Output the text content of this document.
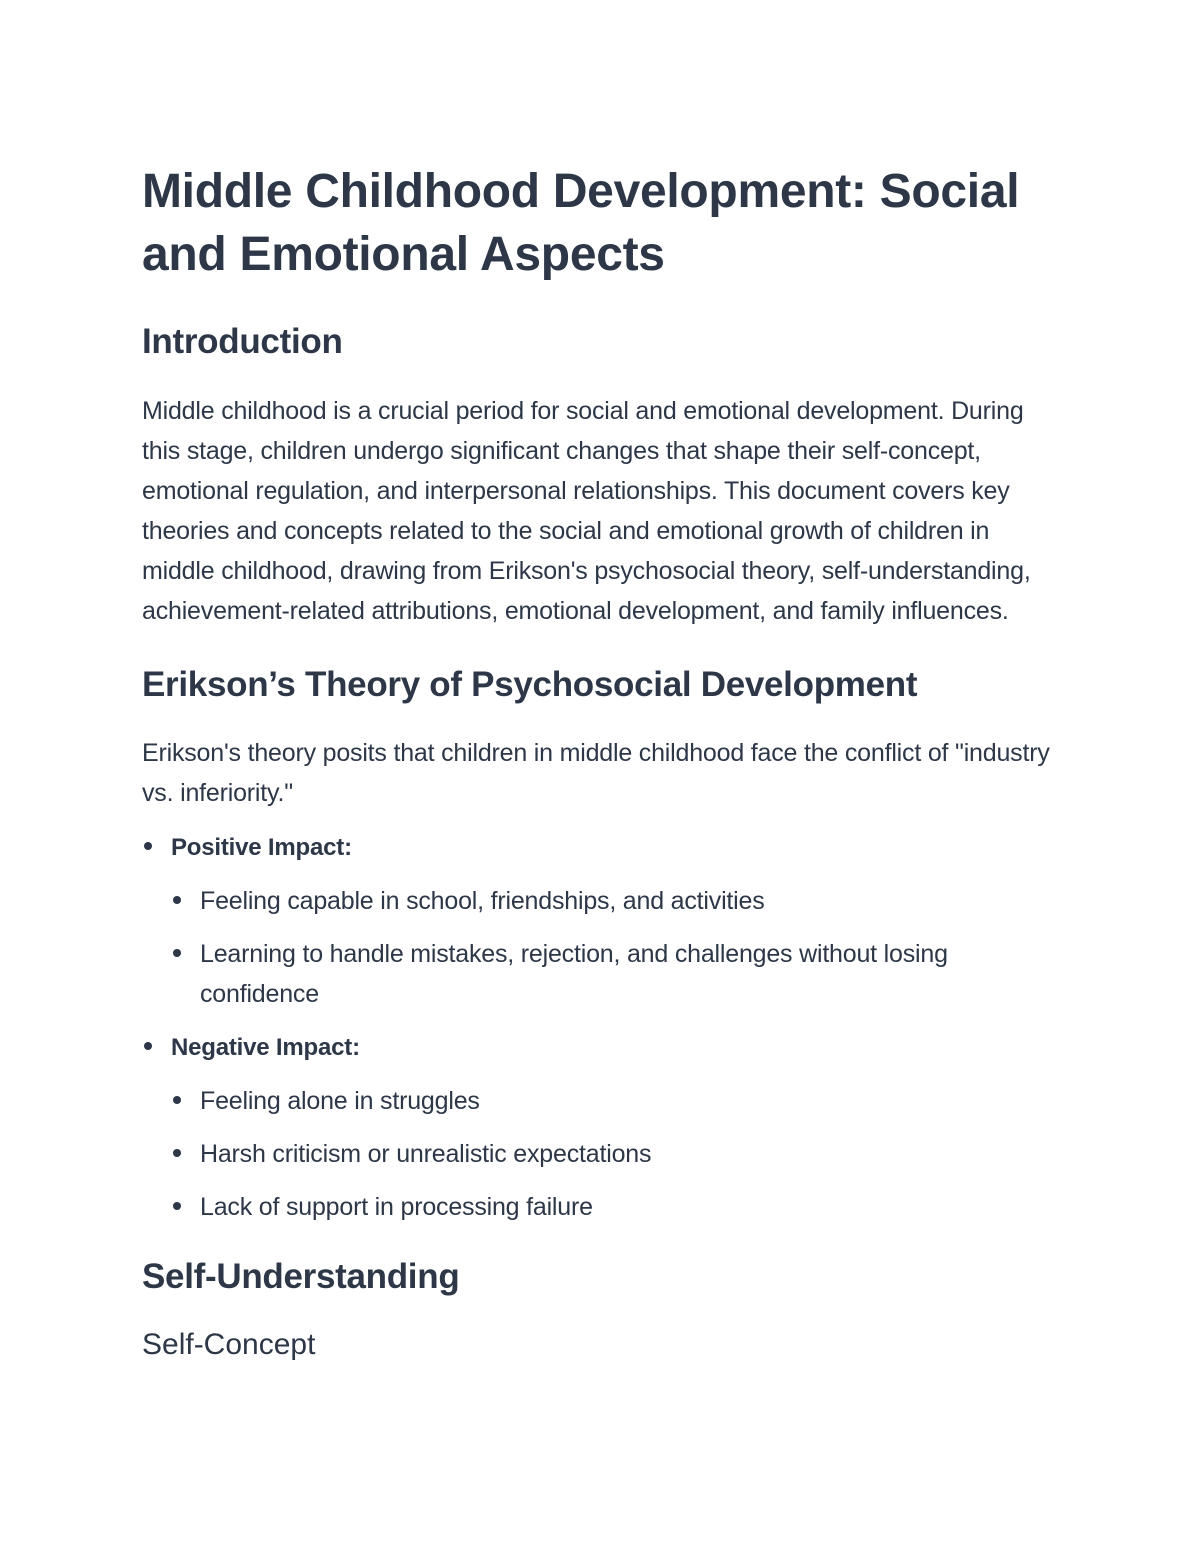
Middle Childhood Development: Social and Emotional Aspects
Introduction

Middle childhood is a crucial period for social and emotional development. During this stage, children undergo significant changes that shape their self-concept, emotional regulation, and interpersonal relationships. This document covers key theories and concepts related to the social and emotional growth of children in middle childhood, drawing from Erikson's psychosocial theory, self-understanding, achievement-related attributions, emotional development, and family influences.

Erikson’s Theory of Psychosocial Development

Erikson's theory posits that children in middle childhood face the conflict of "industry vs. inferiority."

Positive Impact:
Feeling capable in school, friendships, and activities
Learning to handle mistakes, rejection, and challenges without losing confidence
Negative Impact:
Feeling alone in struggles
Harsh criticism or unrealistic expectations
Lack of support in processing failure
Self-Understanding
Self-Concept
